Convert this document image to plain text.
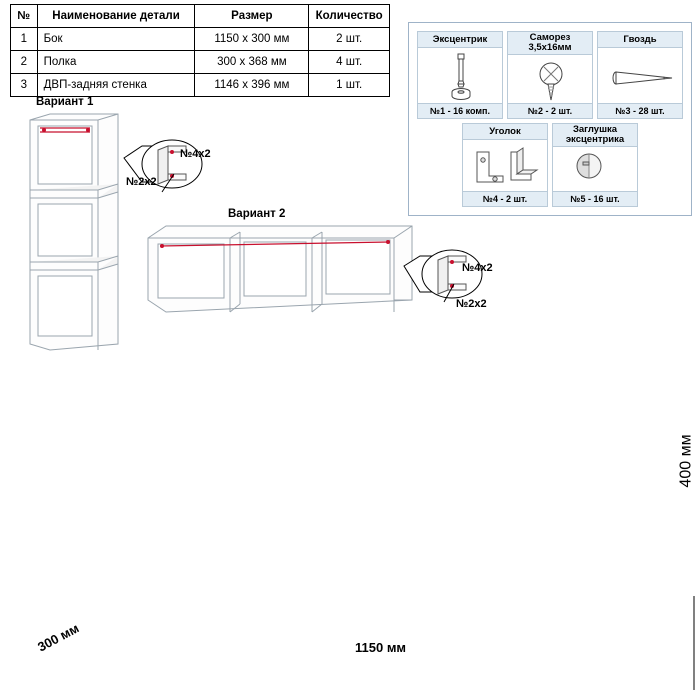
№	Наименование детали	Размер	Количество
1	Бок	1150 х 300 мм	2 шт.
2	Полка	300 х 368 мм	4 шт.
3	ДВП-задняя стенка	1146 х 396 мм	1 шт.
Эксцентрик
№1 - 16 комп.
Саморез
3,5х16мм
№2 - 2 шт.
Гвоздь
№3 - 28 шт.
Уголок
№4 - 2 шт.
Заглушка
эксцентрика
№5 - 16 шт.
Вариант 1
№4х2
№2х2
Вариант 2
№4х2
№2х2
400 мм
1150 мм
300 мм
